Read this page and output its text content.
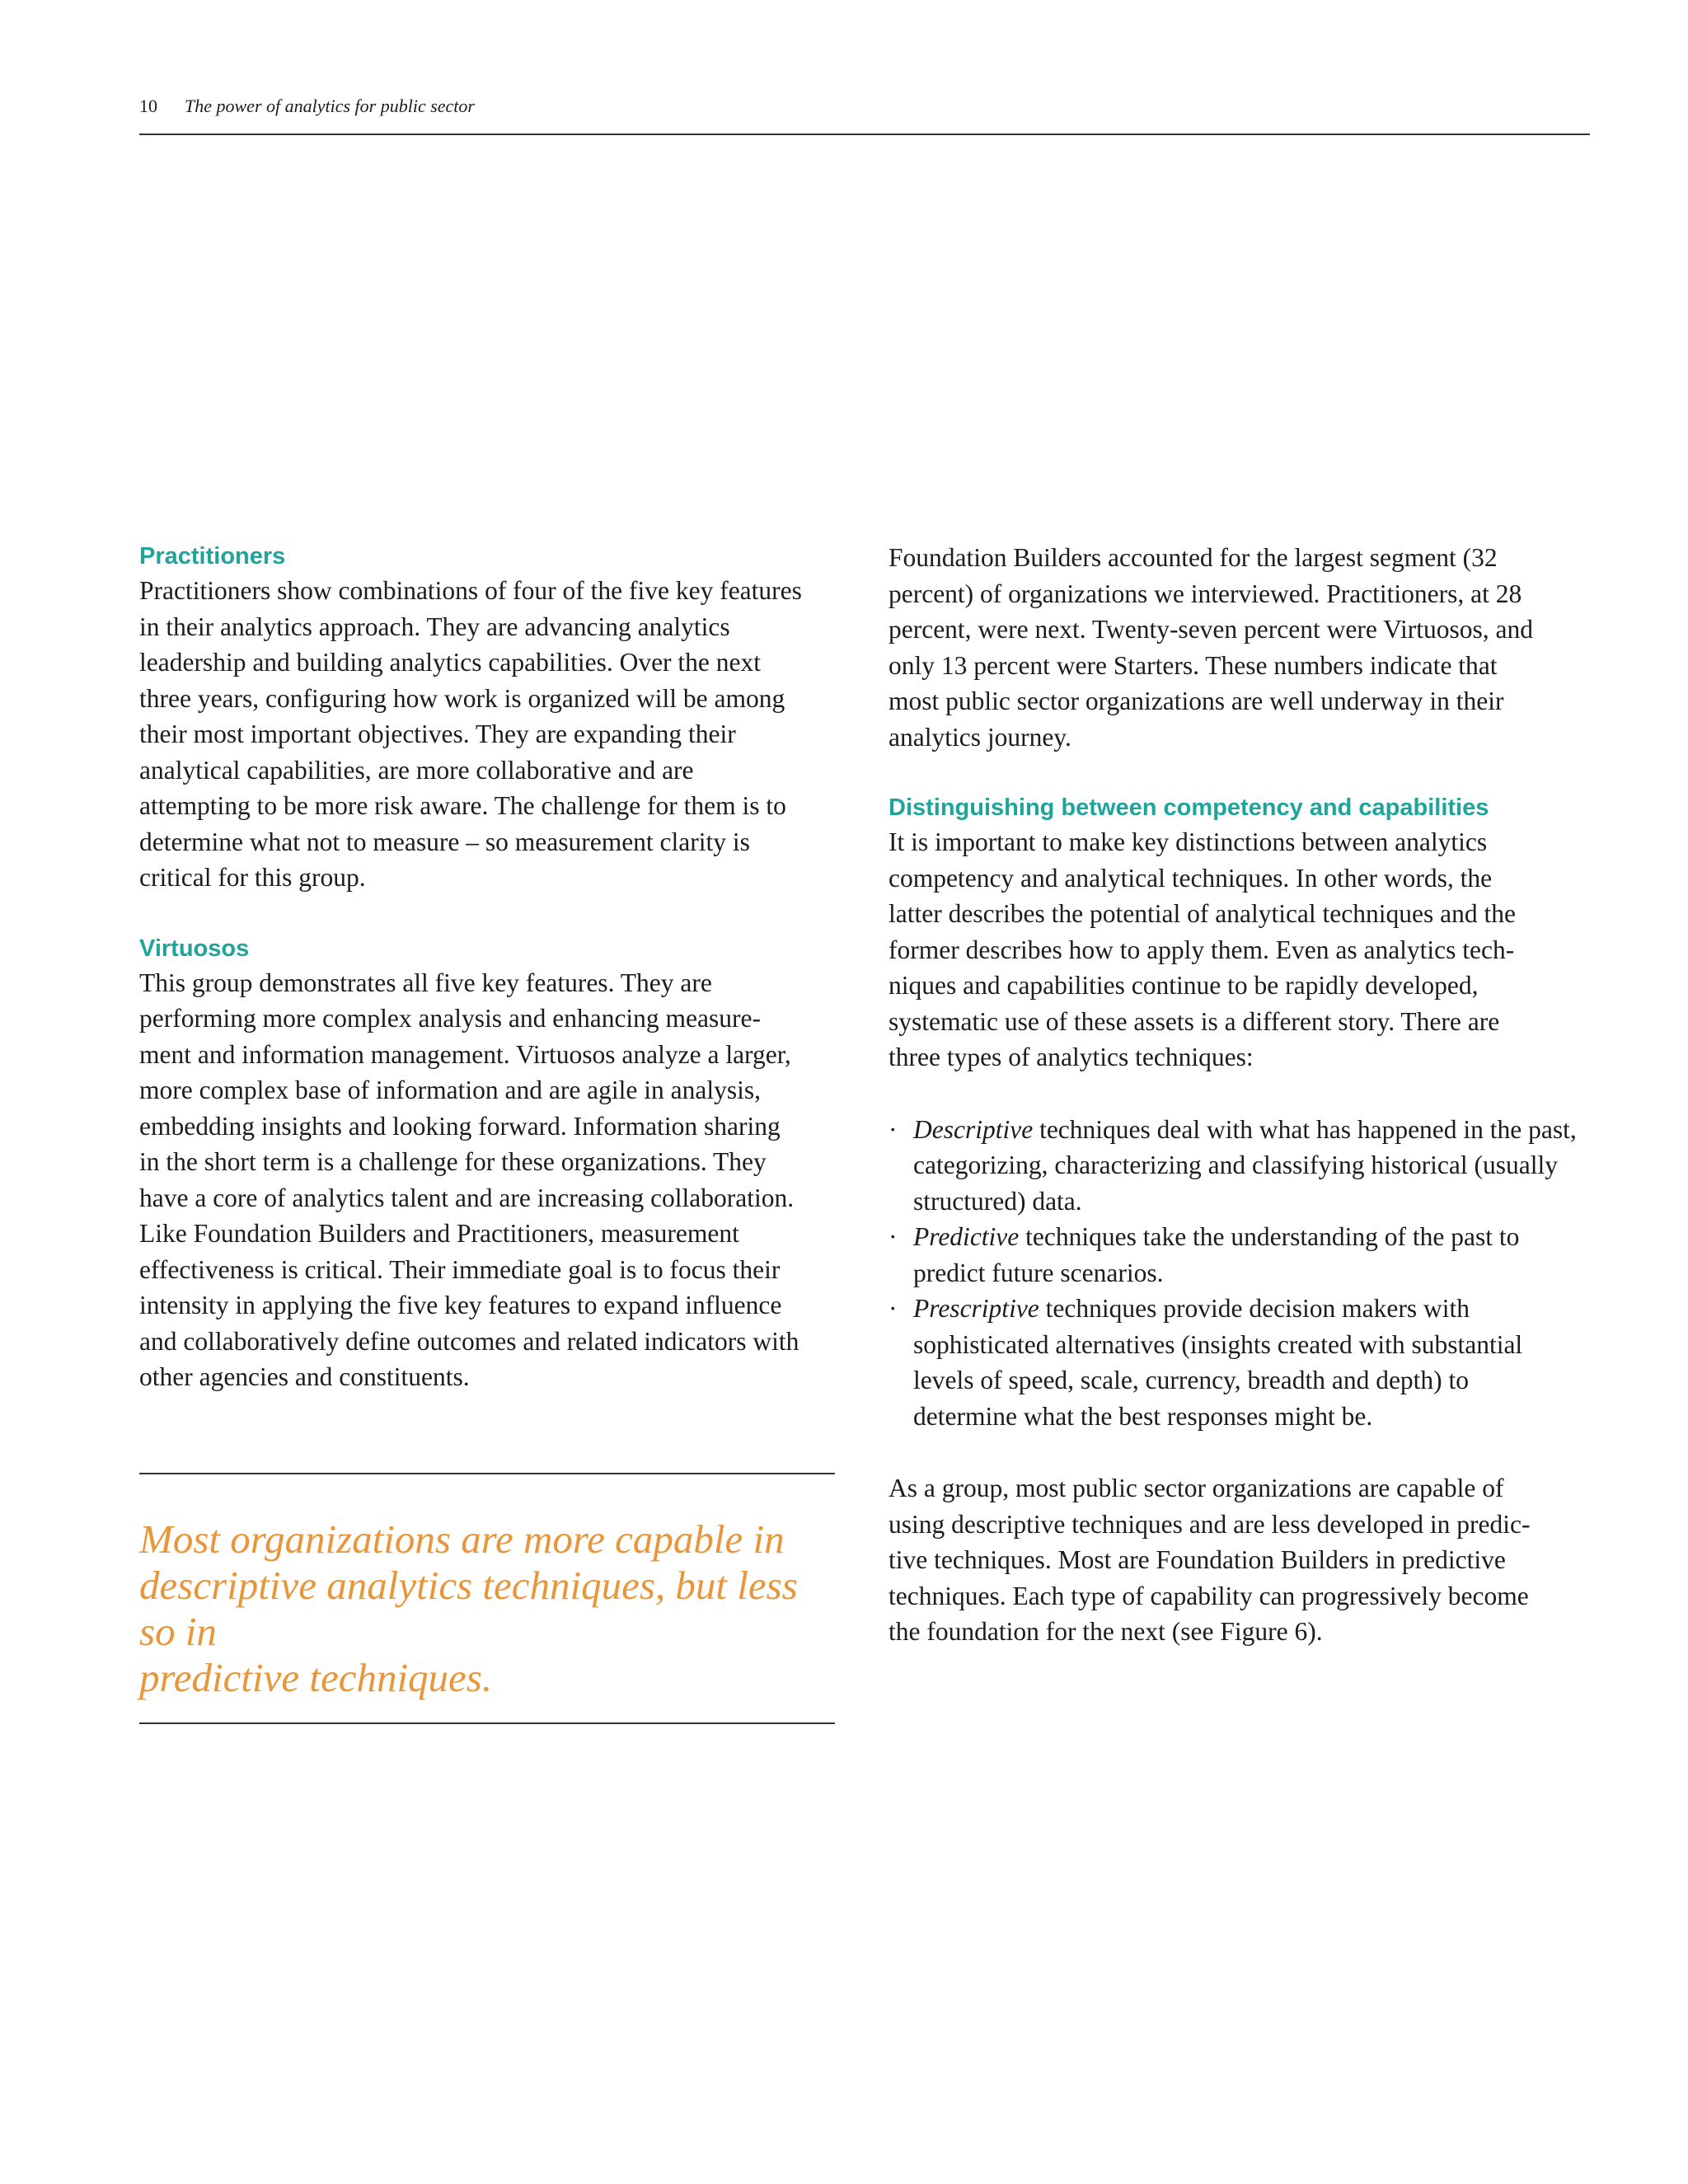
10 The power of analytics for public sector
Practitioners

Practitioners show combinations of four of the five key features
in their analytics approach. They are advancing analytics
leadership and building analytics capabilities. Over the next
three years, configuring how work is organized will be among
their most important objectives. They are expanding their
analytical capabilities, are more collaborative and are
attempting to be more risk aware. The challenge for them is to
determine what not to measure – so measurement clarity is
critical for this group.

Virtuosos

This group demonstrates all five key features. They are
performing more complex analysis and enhancing measure-
ment and information management. Virtuosos analyze a larger,
more complex base of information and are agile in analysis,
embedding insights and looking forward. Information sharing
in the short term is a challenge for these organizations. They
have a core of analytics talent and are increasing collaboration.
Like Foundation Builders and Practitioners, measurement
effectiveness is critical. Their immediate goal is to focus their
intensity in applying the five key features to expand influence
and collaboratively define outcomes and related indicators with
other agencies and constituents.

Most organizations are more capable in
descriptive analytics techniques, but less so in
predictive techniques.

Foundation Builders accounted for the largest segment (32
percent) of organizations we interviewed. Practitioners, at 28
percent, were next. Twenty-seven percent were Virtuosos, and
only 13 percent were Starters. These numbers indicate that
most public sector organizations are well underway in their
analytics journey.

Distinguishing between competency and capabilities

It is important to make key distinctions between analytics
competency and analytical techniques. In other words, the
latter describes the potential of analytical techniques and the
former describes how to apply them. Even as analytics tech-
niques and capabilities continue to be rapidly developed,
systematic use of these assets is a different story. There are
three types of analytics techniques:

· Descriptive techniques deal with what has happened in the past,
categorizing, characterizing and classifying historical (usually
structured) data.
· Predictive techniques take the understanding of the past to
predict future scenarios.
· Prescriptive techniques provide decision makers with
sophisticated alternatives (insights created with substantial
levels of speed, scale, currency, breadth and depth) to
determine what the best responses might be.

As a group, most public sector organizations are capable of
using descriptive techniques and are less developed in predic-
tive techniques. Most are Foundation Builders in predictive
techniques. Each type of capability can progressively become
the foundation for the next (see Figure 6).
